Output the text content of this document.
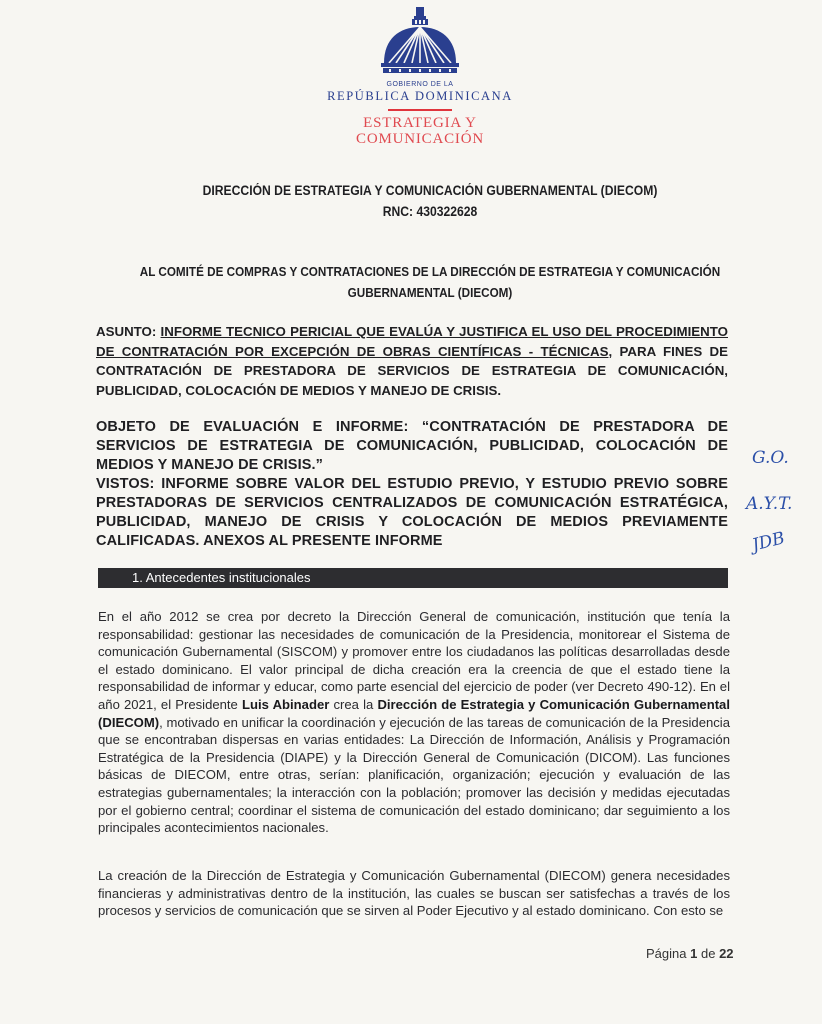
GOBIERNO DE LA
REPÚBLICA DOMINICANA
ESTRATEGIA Y
COMUNICACIÓN
DIRECCIÓN DE ESTRATEGIA Y COMUNICACIÓN GUBERNAMENTAL (DIECOM)
RNC: 430322628
AL COMITÉ DE COMPRAS Y CONTRATACIONES DE LA DIRECCIÓN DE ESTRATEGIA Y COMUNICACIÓN
GUBERNAMENTAL (DIECOM)
ASUNTO: INFORME TECNICO PERICIAL QUE EVALÚA Y JUSTIFICA EL USO DEL PROCEDIMIENTO DE CONTRATACIÓN POR EXCEPCIÓN DE OBRAS CIENTÍFICAS - TÉCNICAS, PARA FINES DE CONTRATACIÓN DE PRESTADORA DE SERVICIOS DE ESTRATEGIA DE COMUNICACIÓN, PUBLICIDAD, COLOCACIÓN DE MEDIOS Y MANEJO DE CRISIS.
OBJETO DE EVALUACIÓN E INFORME: “CONTRATACIÓN DE PRESTADORA DE SERVICIOS DE ESTRATEGIA DE COMUNICACIÓN, PUBLICIDAD, COLOCACIÓN DE MEDIOS Y MANEJO DE CRISIS.”
VISTOS: INFORME SOBRE VALOR DEL ESTUDIO PREVIO, Y ESTUDIO PREVIO SOBRE PRESTADORAS DE SERVICIOS CENTRALIZADOS DE COMUNICACIÓN ESTRATÉGICA, PUBLICIDAD, MANEJO DE CRISIS Y COLOCACIÓN DE MEDIOS PREVIAMENTE CALIFICADAS. ANEXOS AL PRESENTE INFORME
G.O.
A.Y.T.
JDB
1. Antecedentes institucionales
En el año 2012 se crea por decreto la Dirección General de comunicación, institución que tenía la responsabilidad: gestionar las necesidades de comunicación de la Presidencia, monitorear el Sistema de comunicación Gubernamental (SISCOM) y promover entre los ciudadanos las políticas desarrolladas desde el estado dominicano. El valor principal de dicha creación era la creencia de que el estado tiene la responsabilidad de informar y educar, como parte esencial del ejercicio de poder (ver Decreto 490-12). En el año 2021, el Presidente Luis Abinader crea la Dirección de Estrategia y Comunicación Gubernamental (DIECOM), motivado en unificar la coordinación y ejecución de las tareas de comunicación de la Presidencia que se encontraban dispersas en varias entidades: La Dirección de Información, Análisis y Programación Estratégica de la Presidencia (DIAPE) y la Dirección General de Comunicación (DICOM). Las funciones básicas de DIECOM, entre otras, serían: planificación, organización; ejecución y evaluación de las estrategias gubernamentales; la interacción con la población; promover las decisión y medidas ejecutadas por el gobierno central; coordinar el sistema de comunicación del estado dominicano; dar seguimiento a los principales acontecimientos nacionales.
La creación de la Dirección de Estrategia y Comunicación Gubernamental (DIECOM) genera necesidades financieras y administrativas dentro de la institución, las cuales se buscan ser satisfechas a través de los procesos y servicios de comunicación que se sirven al Poder Ejecutivo y al estado dominicano. Con esto se
Página 1 de 22
